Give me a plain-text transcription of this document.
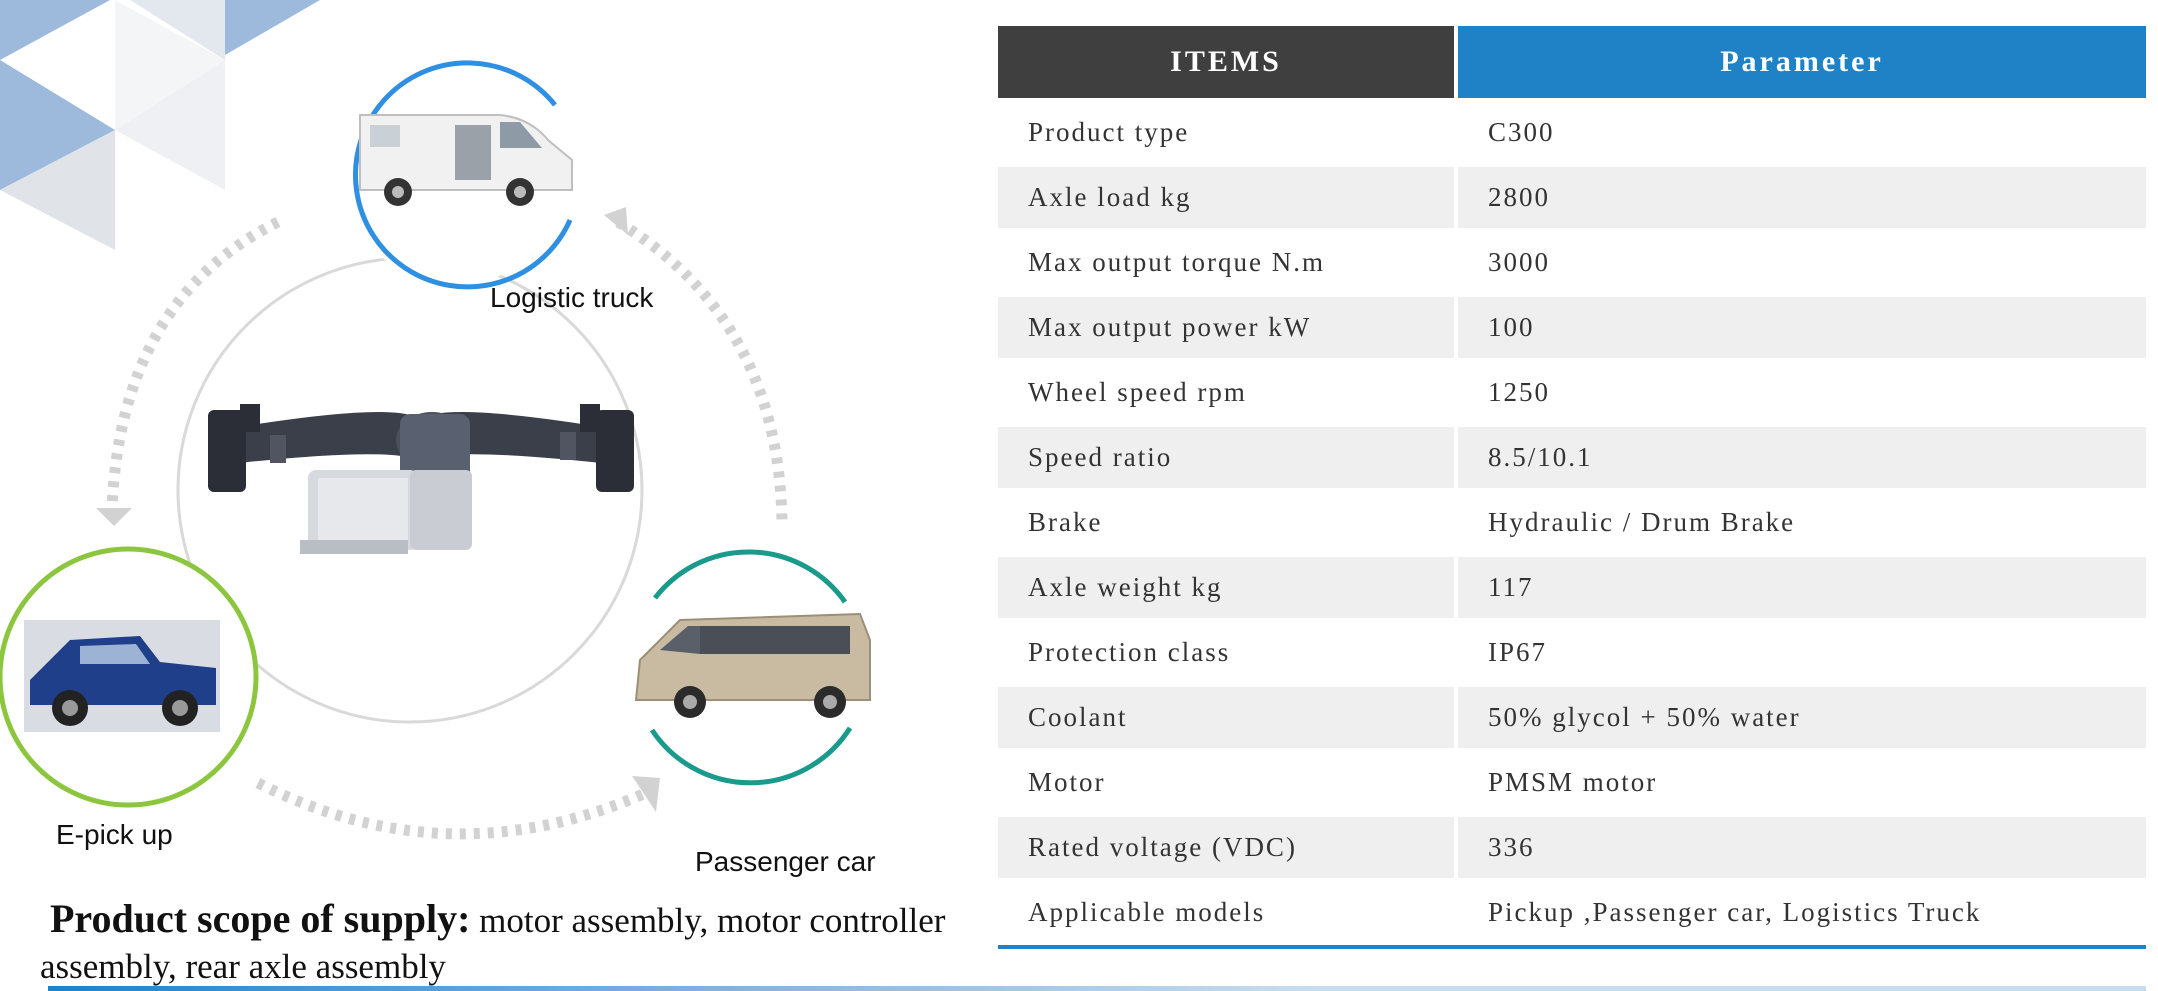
Logistic truck
E-pick up
Passenger car
Product scope of supply: motor assembly, motor controller
assembly, rear axle assembly
ITEMS	Parameter
Product type	C300
Axle load kg	2800
Max output torque N.m	3000
Max output power kW	100
Wheel speed rpm	1250
Speed ratio	8.5/10.1
Brake	Hydraulic / Drum Brake
Axle weight kg	117
Protection class	IP67
Coolant	50% glycol + 50% water
Motor	PMSM motor
Rated voltage (VDC)	336
Applicable models	Pickup ,Passenger car, Logistics Truck
